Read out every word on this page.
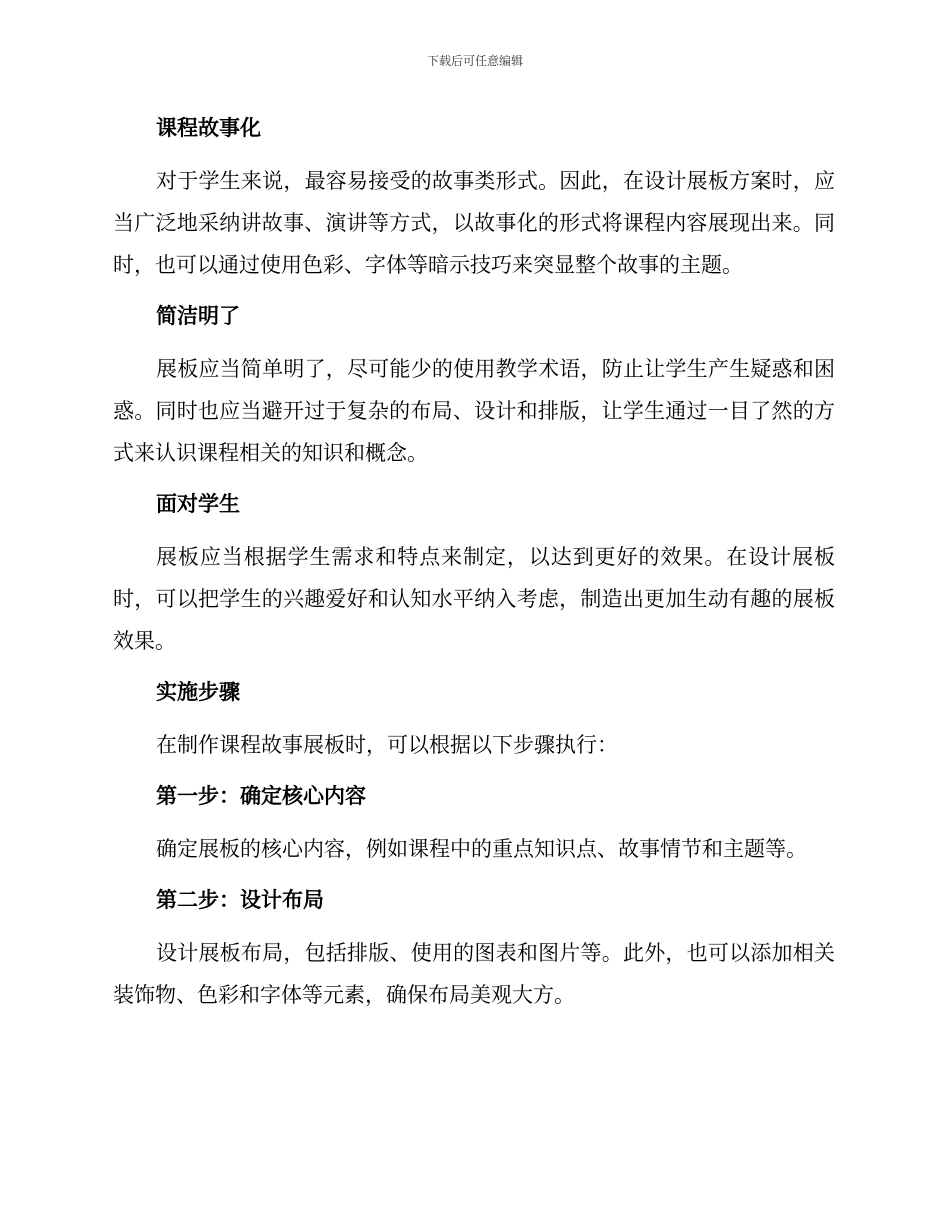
下载后可任意编辑
课程故事化

对于学生来说，最容易接受的故事类形式。因此，在设计展板方案时，应当广泛地采纳讲故事、演讲等方式，以故事化的形式将课程内容展现出来。同时，也可以通过使用色彩、字体等暗示技巧来突显整个故事的主题。

简洁明了

展板应当简单明了，尽可能少的使用教学术语，防止让学生产生疑惑和困惑。同时也应当避开过于复杂的布局、设计和排版，让学生通过一目了然的方式来认识课程相关的知识和概念。

面对学生

展板应当根据学生需求和特点来制定，以达到更好的效果。在设计展板时，可以把学生的兴趣爱好和认知水平纳入考虑，制造出更加生动有趣的展板效果。

实施步骤

在制作课程故事展板时，可以根据以下步骤执行：

第一步：确定核心内容

确定展板的核心内容，例如课程中的重点知识点、故事情节和主题等。

第二步：设计布局

设计展板布局，包括排版、使用的图表和图片等。此外，也可以添加相关装饰物、色彩和字体等元素，确保布局美观大方。
